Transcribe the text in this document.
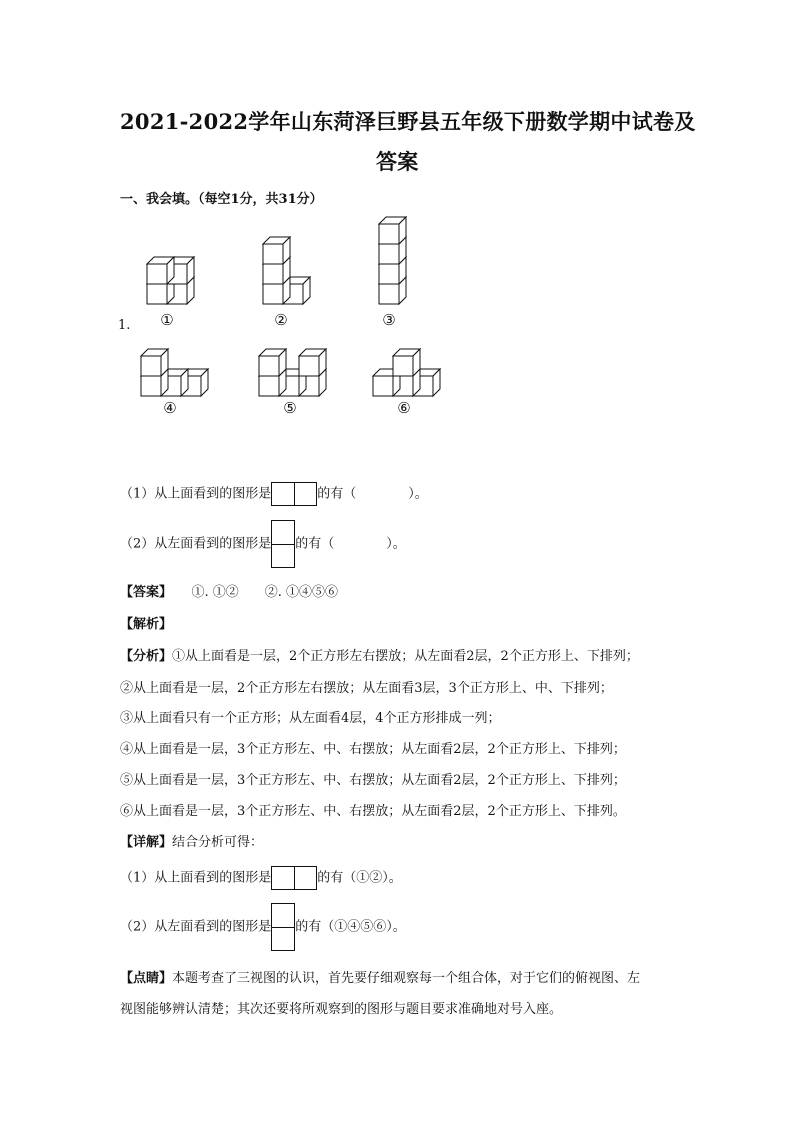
2021-2022学年山东菏泽巨野县五年级下册数学期中试卷及
答案
一、我会填。（每空1分，共31分）
1. ①	②	③
④	⑤	⑥
（1）从上面看到的图形是	的有（　　　　）。
（2）从左面看到的图形是 的有（　　　　）。
【答案】　　 ①. ①②　　②. ①④⑤⑥
【解析】
【分析】①从上面看是一层，2个正方形左右摆放；从左面看2层，2个正方形上、下排列；
②从上面看是一层，2个正方形左右摆放；从左面看3层，3个正方形上、中、下排列；
③从上面看只有一个正方形；从左面看4层，4个正方形排成一列；
④从上面看是一层，3个正方形左、中、右摆放；从左面看2层，2个正方形上、下排列；
⑤从上面看是一层，3个正方形左、中、右摆放；从左面看2层，2个正方形上、下排列；
⑥从上面看是一层，3个正方形左、中、右摆放；从左面看2层，2个正方形上、下排列。
【详解】结合分析可得：
（1）从上面看到的图形是	的有（①②）。
（2）从左面看到的图形是 的有（①④⑤⑥）。
【点睛】本题考查了三视图的认识，首先要仔细观察每一个组合体，对于它们的俯视图、左
视图能够辨认清楚；其次还要将所观察到的图形与题目要求准确地对号入座。
